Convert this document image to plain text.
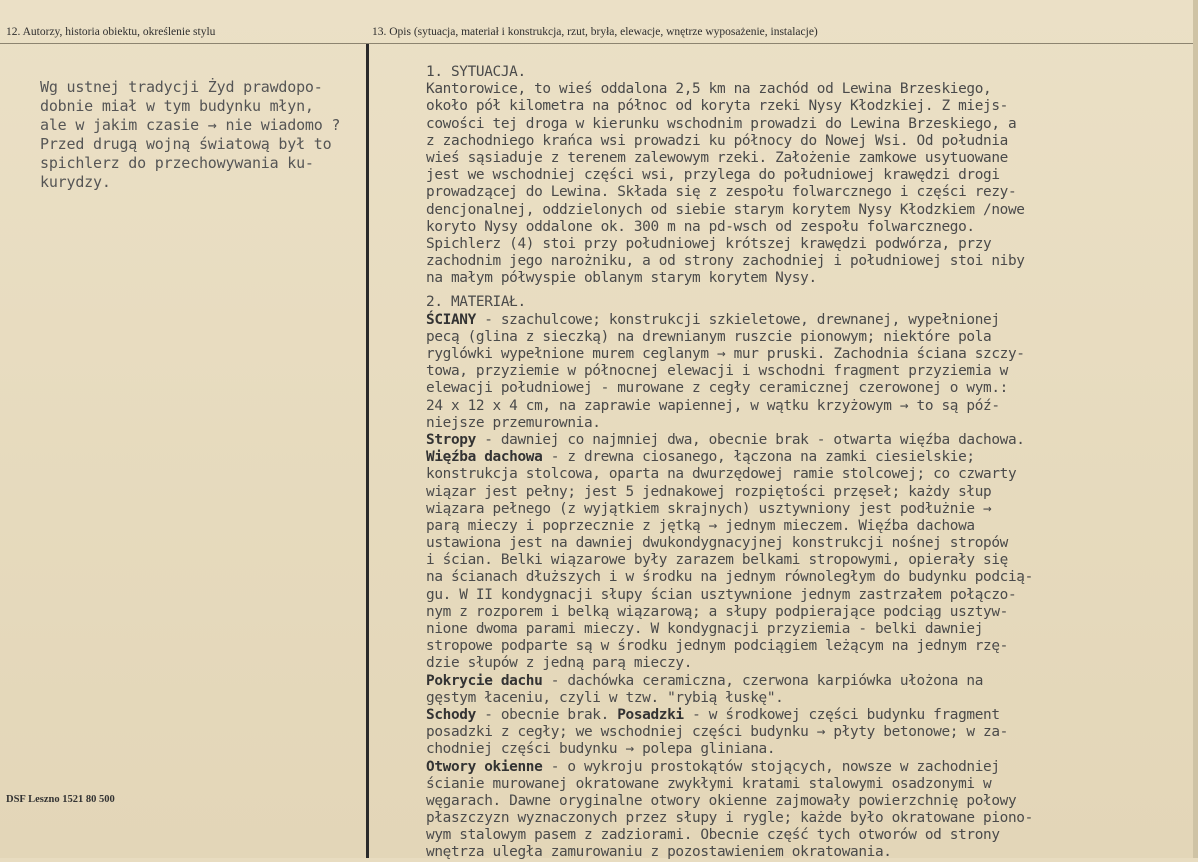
12. Autorzy, historia obiektu, określenie stylu	13. Opis (sytuacja, materiał i konstrukcja, rzut, bryła, elewacje, wnętrze wyposażenie, instalacje)
Wg ustnej tradycji Żyd prawdopo-
dobnie miał w tym budynku młyn,
ale w jakim czasie → nie wiadomo ?
Przed drugą wojną światową był to
spichlerz do przechowywania ku-
kurydzy.
DSF Leszno 1521 80 500
1. SYTUACJA.
Kantorowice, to wieś oddalona 2,5 km na zachód od Lewina Brzeskiego,
około pół kilometra na północ od koryta rzeki Nysy Kłodzkiej. Z miejs-
cowości tej droga w kierunku wschodnim prowadzi do Lewina Brzeskiego, a
z zachodniego krańca wsi prowadzi ku północy do Nowej Wsi. Od południa
wieś sąsiaduje z terenem zalewowym rzeki. Założenie zamkowe usytuowane
jest we wschodniej części wsi, przylega do południowej krawędzi drogi
prowadzącej do Lewina. Składa się z zespołu folwarcznego i części rezy-
dencjonalnej, oddzielonych od siebie starym korytem Nysy Kłodzkiem /nowe
koryto Nysy oddalone ok. 300 m na pd-wsch od zespołu folwarcznego.
Spichlerz (4) stoi przy południowej krótszej krawędzi podwórza, przy
zachodnim jego narożniku, a od strony zachodniej i południowej stoi niby
na małym półwyspie oblanym starym korytem Nysy.
2. MATERIAŁ.
ŚCIANY - szachulcowe; konstrukcji szkieletowe, drewnanej, wypełnionej
pecą (glina z sieczką) na drewnianym ruszcie pionowym; niektóre pola
ryglówki wypełnione murem ceglanym → mur pruski. Zachodnia ściana szczy-
towa, przyziemie w północnej elewacji i wschodni fragment przyziemia w
elewacji południowej - murowane z cegły ceramicznej czerowonej o wym.:
24 x 12 x 4 cm, na zaprawie wapiennej, w wątku krzyżowym → to są póź-
niejsze przemurownia.
Stropy - dawniej co najmniej dwa, obecnie brak - otwarta więźba dachowa.
Więźba dachowa - z drewna ciosanego, łączona na zamki ciesielskie;
konstrukcja stolcowa, oparta na dwurzędowej ramie stolcowej; co czwarty
wiązar jest pełny; jest 5 jednakowej rozpiętości przęseł; każdy słup
wiązara pełnego (z wyjątkiem skrajnych) usztywniony jest podłużnie →
parą mieczy i poprzecznie z jętką → jednym mieczem. Więźba dachowa
ustawiona jest na dawniej dwukondygnacyjnej konstrukcji nośnej stropów
i ścian. Belki wiązarowe były zarazem belkami stropowymi, opierały się
na ścianach dłuższych i w środku na jednym równoległym do budynku podcią-
gu. W II kondygnacji słupy ścian usztywnione jednym zastrzałem połączo-
nym z rozporem i belką wiązarową; a słupy podpierające podciąg usztyw-
nione dwoma parami mieczy. W kondygnacji przyziemia - belki dawniej
stropowe podparte są w środku jednym podciągiem leżącym na jednym rzę-
dzie słupów z jedną parą mieczy.
Pokrycie dachu - dachówka ceramiczna, czerwona karpiówka ułożona na
gęstym łaceniu, czyli w tzw. "rybią łuskę".
Schody - obecnie brak. Posadzki - w środkowej części budynku fragment
posadzki z cegły; we wschodniej części budynku → płyty betonowe; w za-
chodniej części budynku → polepa gliniana.
Otwory okienne - o wykroju prostokątów stojących, nowsze w zachodniej
ścianie murowanej okratowane zwykłymi kratami stalowymi osadzonymi w
węgarach. Dawne oryginalne otwory okienne zajmowały powierzchnię połowy
płaszczyzn wyznaczonych przez słupy i rygle; każde było okratowane piono-
wym stalowym pasem z zadziorami. Obecnie część tych otworów od strony
wnętrza uległa zamurowaniu z pozostawieniem okratowania.
